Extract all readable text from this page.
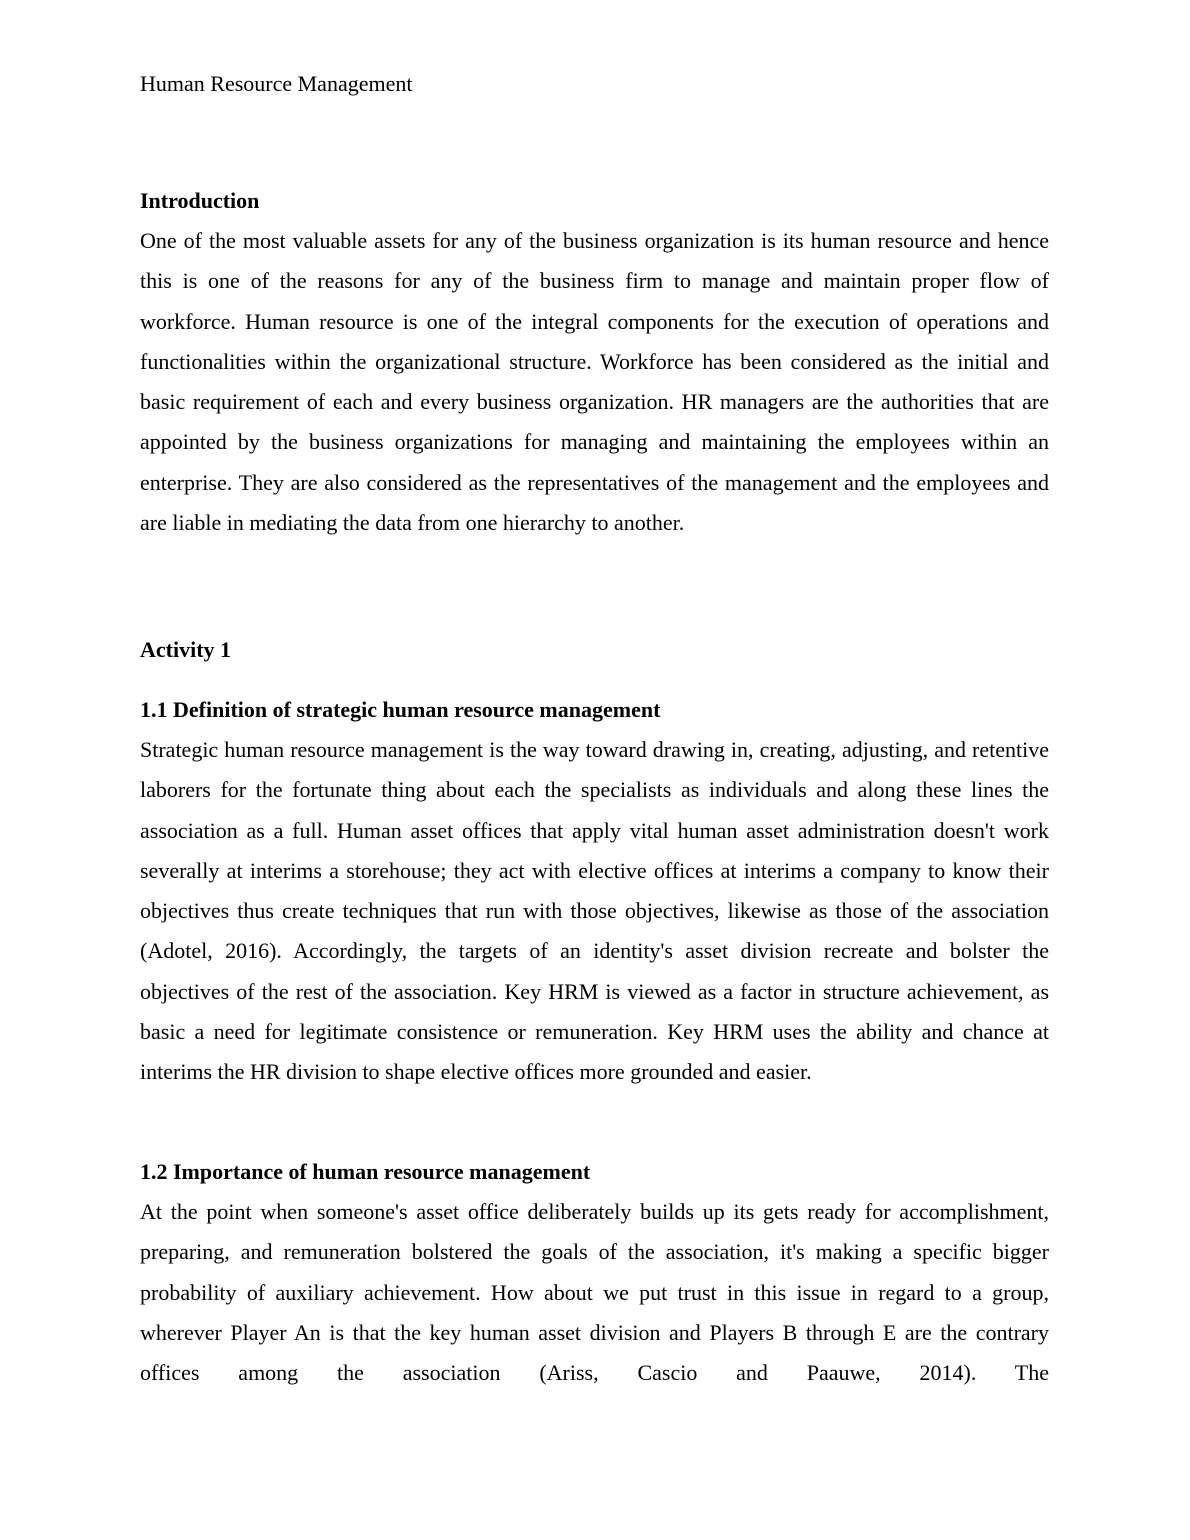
Human Resource Management

Introduction

One of the most valuable assets for any of the business organization is its human resource and hence this is one of the reasons for any of the business firm to manage and maintain proper flow of workforce. Human resource is one of the integral components for the execution of operations and functionalities within the organizational structure. Workforce has been considered as the initial and basic requirement of each and every business organization. HR managers are the authorities that are appointed by the business organizations for managing and maintaining the employees within an enterprise. They are also considered as the representatives of the management and the employees and are liable in mediating the data from one hierarchy to another.

Activity 1
1.1 Definition of strategic human resource management

Strategic human resource management is the way toward drawing in, creating, adjusting, and retentive laborers for the fortunate thing about each the specialists as individuals and along these lines the association as a full. Human asset offices that apply vital human asset administration doesn't work severally at interims a storehouse; they act with elective offices at interims a company to know their objectives thus create techniques that run with those objectives, likewise as those of the association (Adotel, 2016). Accordingly, the targets of an identity's asset division recreate and bolster the objectives of the rest of the association. Key HRM is viewed as a factor in structure achievement, as basic a need for legitimate consistence or remuneration. Key HRM uses the ability and chance at interims the HR division to shape elective offices more grounded and easier.

1.2 Importance of human resource management

At the point when someone's asset office deliberately builds up its gets ready for accomplishment, preparing, and remuneration bolstered the goals of the association, it's making a specific bigger probability of auxiliary achievement. How about we put trust in this issue in regard to a group, wherever Player An is that the key human asset division and Players B through E are the contrary offices among the association (Ariss, Cascio and Paauwe, 2014). The
